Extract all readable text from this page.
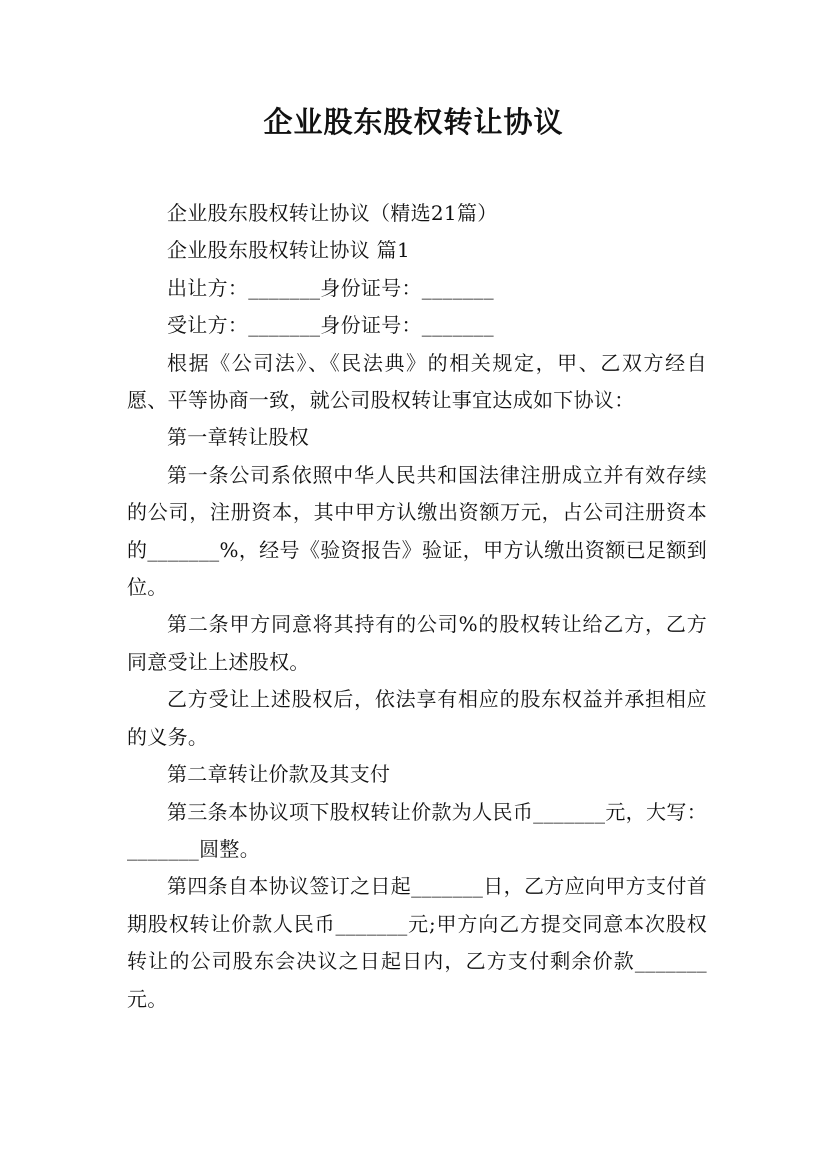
企业股东股权转让协议

企业股东股权转让协议（精选21篇）

企业股东股权转让协议 篇1

出让方：_______身份证号：_______

受让方：_______身份证号：_______

根据《公司法》、《民法典》的相关规定，甲、乙双方经自愿、平等协商一致，就公司股权转让事宜达成如下协议：

第一章转让股权

第一条公司系依照中华人民共和国法律注册成立并有效存续的公司，注册资本，其中甲方认缴出资额万元，占公司注册资本的_______%，经号《验资报告》验证，甲方认缴出资额已足额到位。

第二条甲方同意将其持有的公司%的股权转让给乙方，乙方同意受让上述股权。

乙方受让上述股权后，依法享有相应的股东权益并承担相应的义务。

第二章转让价款及其支付

第三条本协议项下股权转让价款为人民币_______元，大写：_______圆整。

第四条自本协议签订之日起_______日，乙方应向甲方支付首期股权转让价款人民币_______元;甲方向乙方提交同意本次股权转让的公司股东会决议之日起日内，乙方支付剩余价款_______元。
